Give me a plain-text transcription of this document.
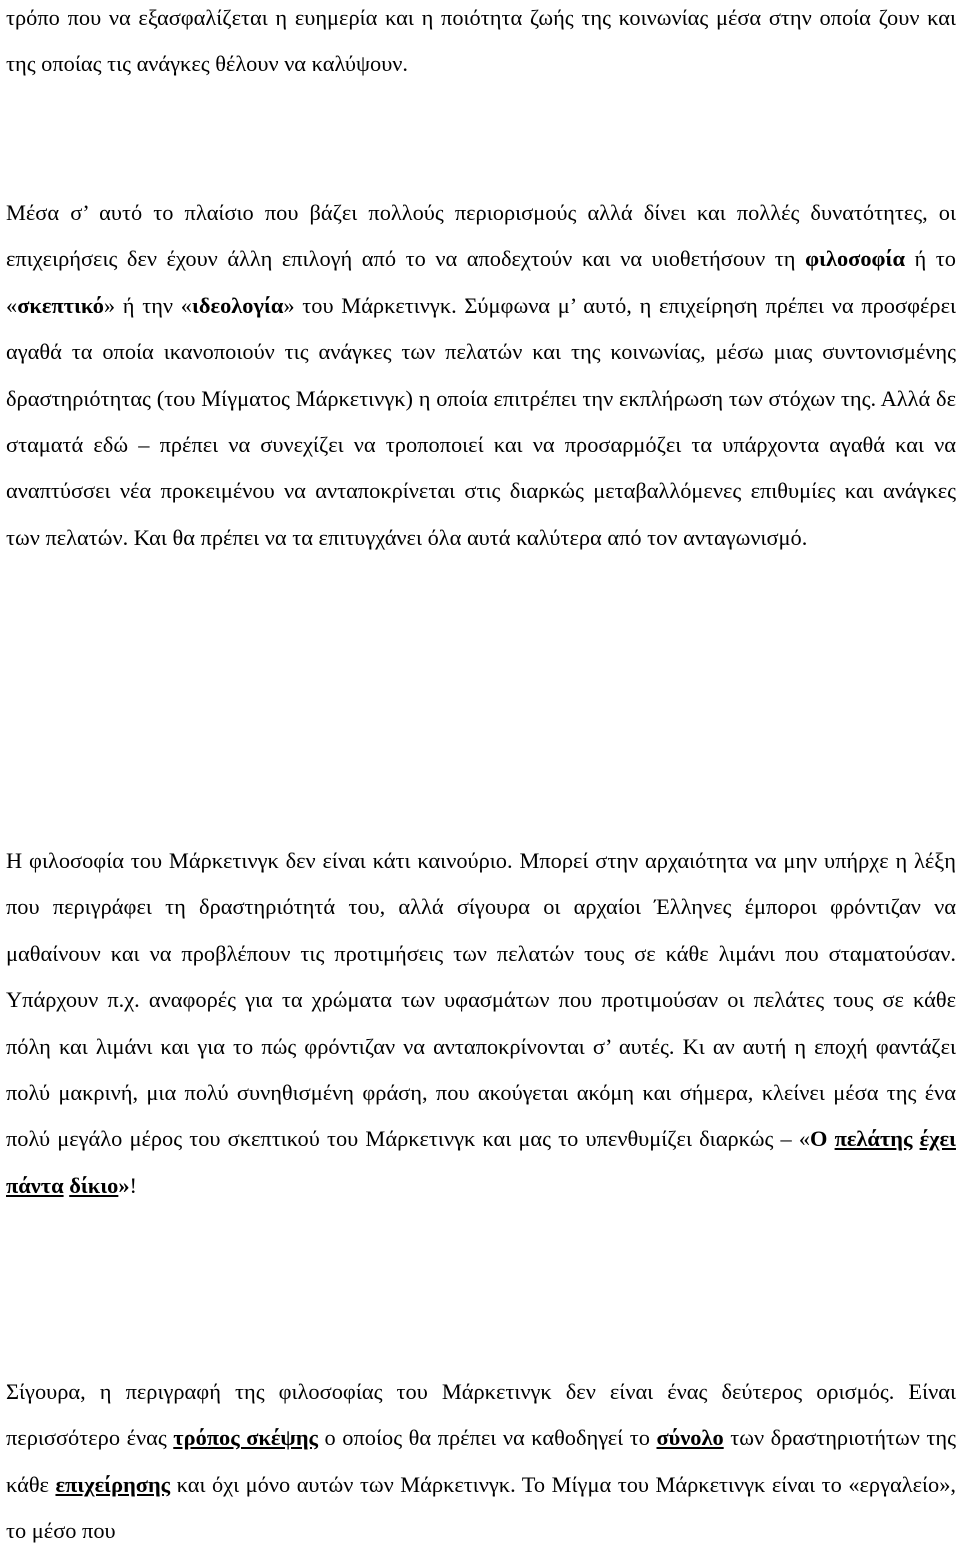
τρόπο που να εξασφαλίζεται η ευημερία και η ποιότητα ζωής της κοινωνίας μέσα στην οποία ζουν και της οποίας τις ανάγκες θέλουν να καλύψουν.

Μέσα σ’ αυτό το πλαίσιο που βάζει πολλούς περιορισμούς αλλά δίνει και πολλές δυνατότητες, οι επιχειρήσεις δεν έχουν άλλη επιλογή από το να αποδεχτούν και να υιοθετήσουν τη φιλοσοφία ή το «σκεπτικό» ή την «ιδεολογία» του Μάρκετινγκ. Σύμφωνα μ’ αυτό, η επιχείρηση πρέπει να προσφέρει αγαθά τα οποία ικανοποιούν τις ανάγκες των πελατών και της κοινωνίας, μέσω μιας συντονισμένης δραστηριότητας (του Μίγματος Μάρκετινγκ) η οποία επιτρέπει την εκπλήρωση των στόχων της. Αλλά δε σταματά εδώ – πρέπει να συνεχίζει να τροποποιεί και να προσαρμόζει τα υπάρχοντα αγαθά και να αναπτύσσει νέα προκειμένου να ανταποκρίνεται στις διαρκώς μεταβαλλόμενες επιθυμίες και ανάγκες των πελατών. Και θα πρέπει να τα επιτυγχάνει όλα αυτά καλύτερα από τον ανταγωνισμό.

Η φιλοσοφία του Μάρκετινγκ δεν είναι κάτι καινούριο. Μπορεί στην αρχαιότητα να μην υπήρχε η λέξη που περιγράφει τη δραστηριότητά του, αλλά σίγουρα οι αρχαίοι Έλληνες έμποροι φρόντιζαν να μαθαίνουν και να προβλέπουν τις προτιμήσεις των πελατών τους σε κάθε λιμάνι που σταματούσαν. Υπάρχουν π.χ. αναφορές για τα χρώματα των υφασμάτων που προτιμούσαν οι πελάτες τους σε κάθε πόλη και λιμάνι και για το πώς φρόντιζαν να ανταποκρίνονται σ’ αυτές. Κι αν αυτή η εποχή φαντάζει πολύ μακρινή, μια πολύ συνηθισμένη φράση, που ακούγεται ακόμη και σήμερα, κλείνει μέσα της ένα πολύ μεγάλο μέρος του σκεπτικού του Μάρκετινγκ και μας το υπενθυμίζει διαρκώς – «Ο πελάτης έχει πάντα δίκιο»!

Σίγουρα, η περιγραφή της φιλοσοφίας του Μάρκετινγκ δεν είναι ένας δεύτερος ορισμός. Είναι περισσότερο ένας τρόπος σκέψης ο οποίος θα πρέπει να καθοδηγεί το σύνολο των δραστηριοτήτων της κάθε επιχείρησης και όχι μόνο αυτών των Μάρκετινγκ. Το Μίγμα του Μάρκετινγκ είναι το «εργαλείο», το μέσο που
